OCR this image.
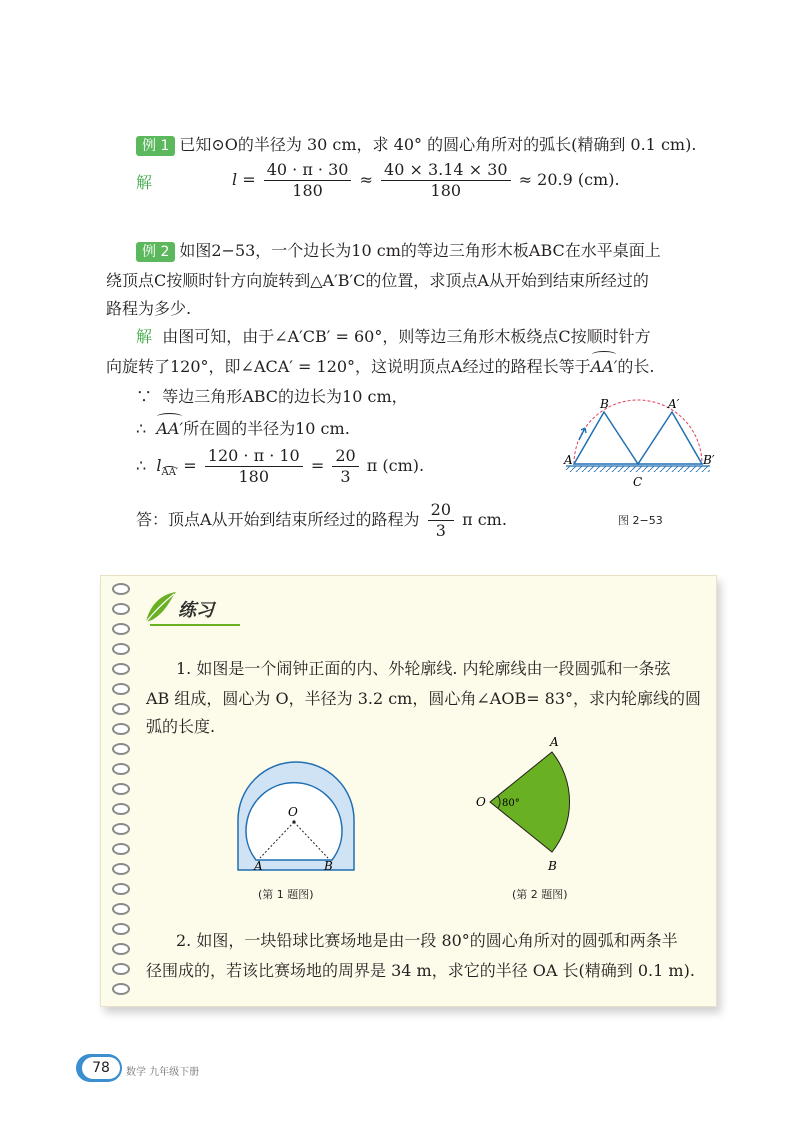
例 1 已知⊙O的半径为 30 cm，求 40° 的圆心角所对的弧长(精确到 0.1 cm).
解	$l = \frac{40 \cdot \pi \cdot 30}{180} \approx \frac{40 \times 3.14 \times 30}{180} \approx 20.9$ (cm).
例 2 如图2−53，一个边长为10 cm的等边三角形木板ABC在水平桌面上
绕顶点C按顺时针方向旋转到△A′B′C的位置，求顶点A从开始到结束所经过的
路程为多少.
解 由图可知，由于∠A′CB′ = 60°，则等边三角形木板绕点C按顺时针方
向旋转了120°，即∠ACA′ = 120°，这说明顶点A经过的路程长等于AA′的长.
∵ 等边三角形ABC的边长为10 cm，
∴ AA′所在圆的半径为10 cm.
∴ $lAA' = \frac{120 \cdot \pi \cdot 10}{180} = \frac{20}{3}$ π (cm).
答：顶点A从开始到结束所经过的路程为 $\frac{20}{3}$ π cm.
A
B	A′
B′
C
图 2−53
练习
1. 如图是一个闹钟正面的内、外轮廓线. 内轮廓线由一段圆弧和一条弦
AB 组成，圆心为 O，半径为 3.2 cm，圆心角∠AOB= 83°，求内轮廓线的圆
弧的长度.
O
A	B
(第 1 题图)
O 80°
A
B
(第 2 题图)
2. 如图，一块铅球比赛场地是由一段 80°的圆心角所对的圆弧和两条半
径围成的，若该比赛场地的周界是 34 m，求它的半径 OA 长(精确到 0.1 m).
78	数学 九年级下册
